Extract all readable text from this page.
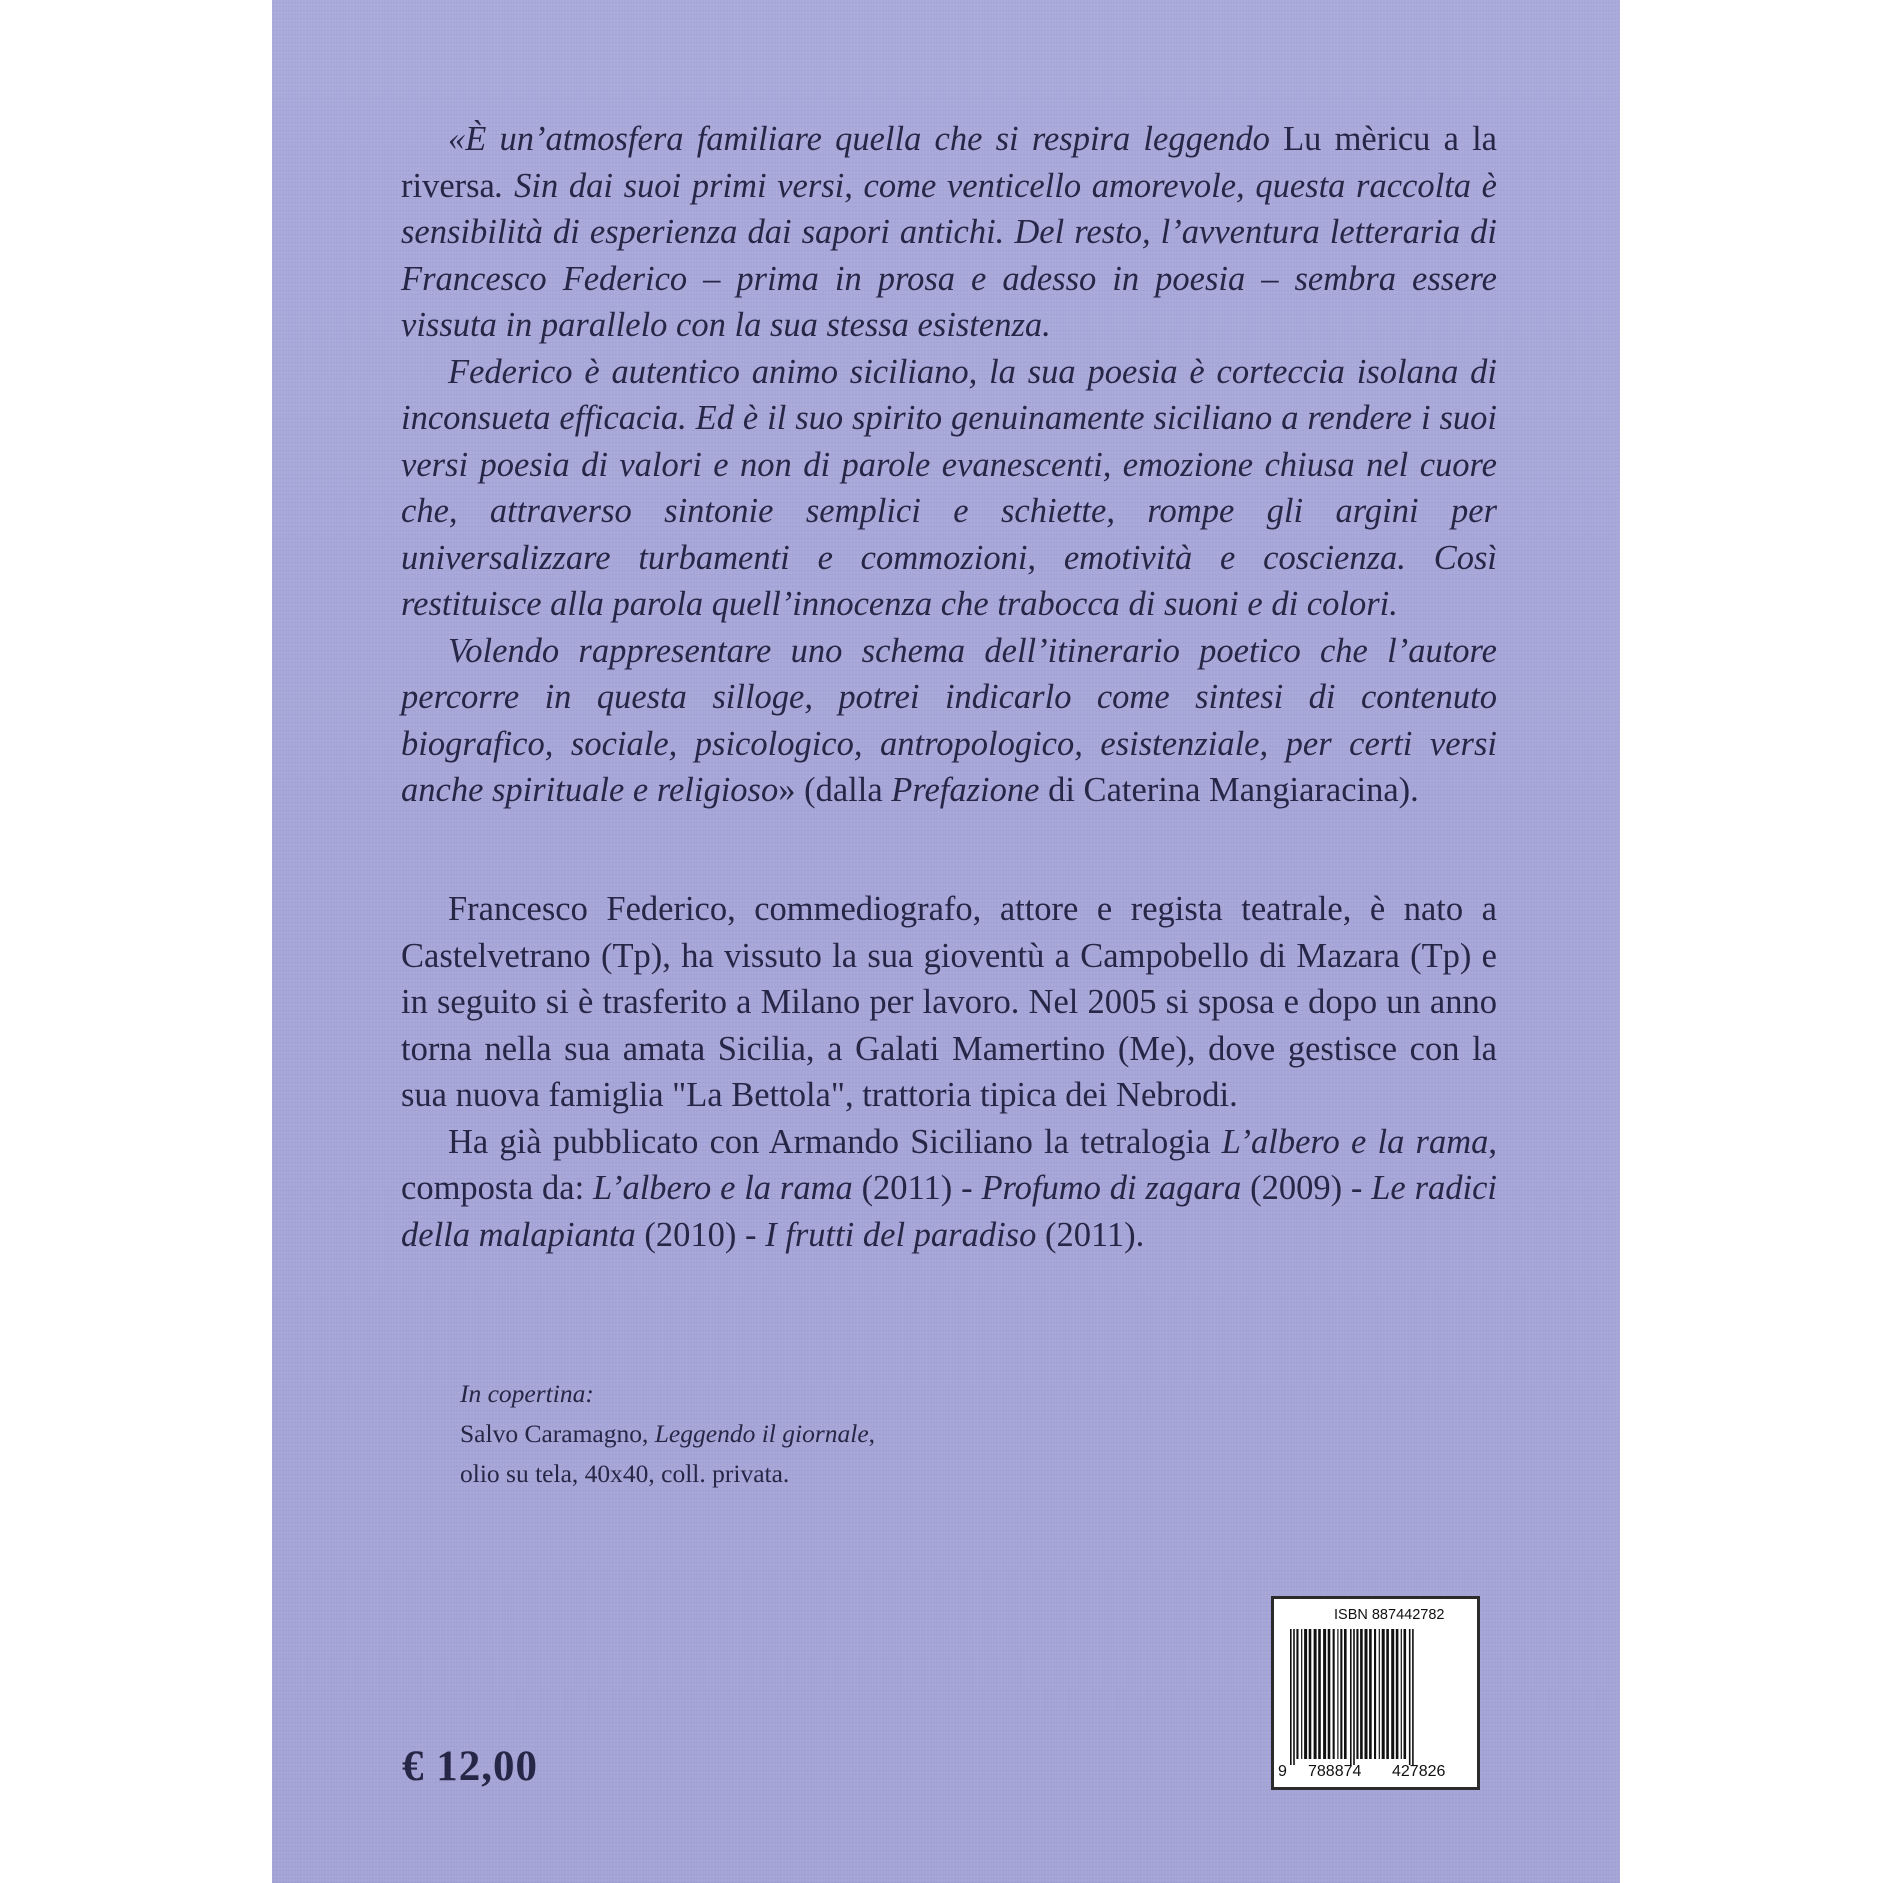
«È un’atmosfera familiare quella che si respira leggendo Lu mèricu a la riversa. Sin dai suoi primi versi, come venticello amorevole, questa raccolta è sensibilità di esperienza dai sapori antichi. Del resto, l’avventura letteraria di Francesco Federico – prima in prosa e adesso in poesia – sembra essere vissuta in parallelo con la sua stessa esistenza.

Federico è autentico animo siciliano, la sua poesia è corteccia isolana di inconsueta efficacia. Ed è il suo spirito genuinamente siciliano a rendere i suoi versi poesia di valori e non di parole evanescenti, emozione chiusa nel cuore che, attraverso sintonie semplici e schiette, rompe gli argini per universalizzare turbamenti e commozioni, emotività e coscienza. Così restituisce alla parola quell’innocenza che trabocca di suoni e di colori.

Volendo rappresentare uno schema dell’itinerario poetico che l’autore percorre in questa silloge, potrei indicarlo come sintesi di contenuto biografico, sociale, psicologico, antropologico, esistenziale, per certi versi anche spirituale e religioso» (dalla Prefazione di Caterina Mangiaracina).

Francesco Federico, commediografo, attore e regista teatrale, è nato a Castelvetrano (Tp), ha vissuto la sua gioventù a Campobello di Mazara (Tp) e in seguito si è trasferito a Milano per lavoro. Nel 2005 si sposa e dopo un anno torna nella sua amata Sicilia, a Galati Mamertino (Me), dove gestisce con la sua nuova famiglia "La Bettola", trattoria tipica dei Nebrodi.

Ha già pubblicato con Armando Siciliano la tetralogia L’albero e la rama, composta da: L’albero e la rama (2011) - Profumo di zagara (2009) - Le radici della malapianta (2010) - I frutti del paradiso (2011).

In copertina:
Salvo Caramagno, Leggendo il giornale,
olio su tela, 40x40, coll. privata.
€ 12,00
ISBN 887442782
9 788874 427826
